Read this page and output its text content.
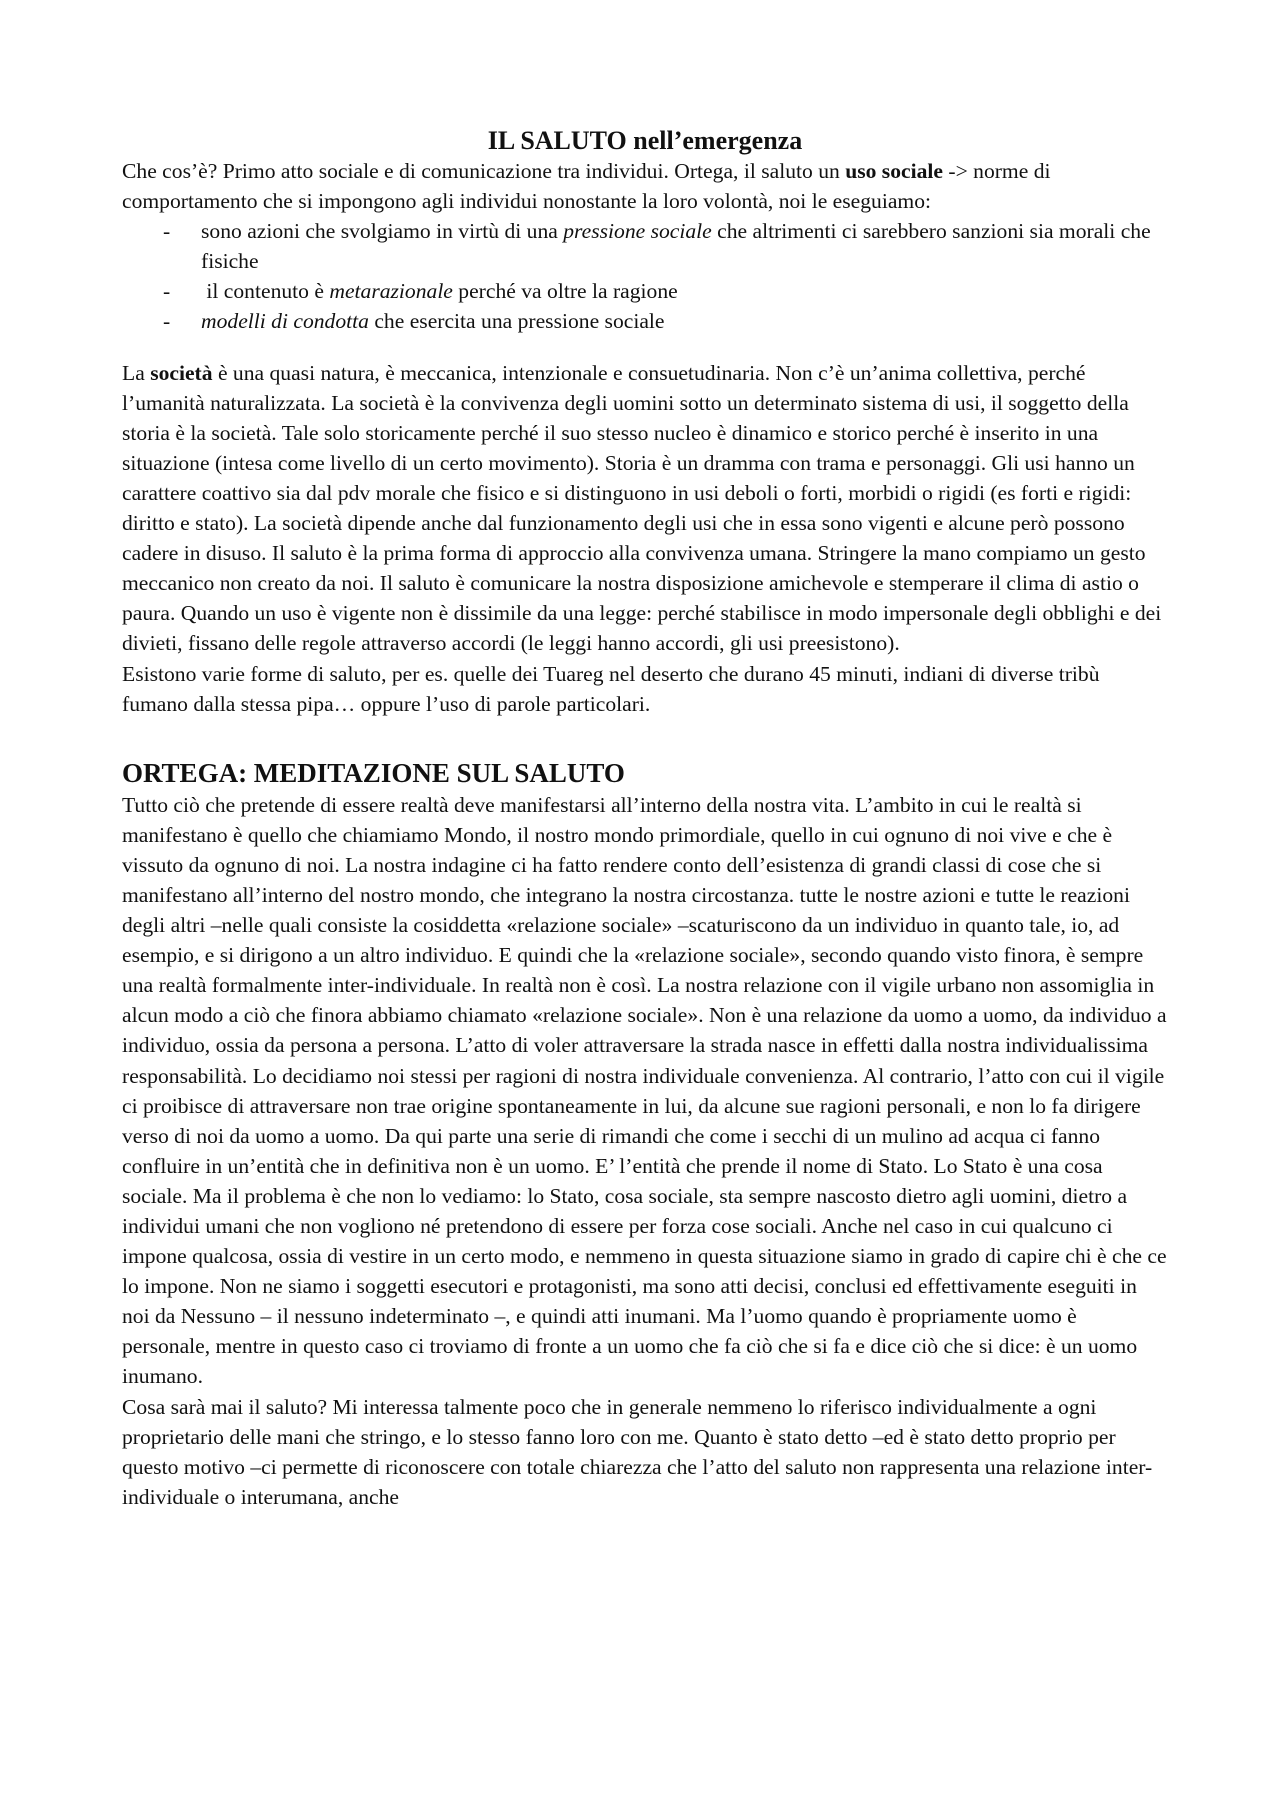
IL SALUTO nell’emergenza

Che cos’è? Primo atto sociale e di comunicazione tra individui. Ortega, il saluto un uso sociale -> norme di comportamento che si impongono agli individui nonostante la loro volontà, noi le eseguiamo:

- sono azioni che svolgiamo in virtù di una pressione sociale che altrimenti ci sarebbero sanzioni sia morali che fisiche
- il contenuto è metarazionale perché va oltre la ragione
- modelli di condotta che esercita una pressione sociale

La società è una quasi natura, è meccanica, intenzionale e consuetudinaria. Non c’è un’anima collettiva, perché l’umanità naturalizzata. La società è la convivenza degli uomini sotto un determinato sistema di usi, il soggetto della storia è la società. Tale solo storicamente perché il suo stesso nucleo è dinamico e storico perché è inserito in una situazione (intesa come livello di un certo movimento). Storia è un dramma con trama e personaggi. Gli usi hanno un carattere coattivo sia dal pdv morale che fisico e si distinguono in usi deboli o forti, morbidi o rigidi (es forti e rigidi: diritto e stato). La società dipende anche dal funzionamento degli usi che in essa sono vigenti e alcune però possono cadere in disuso. Il saluto è la prima forma di approccio alla convivenza umana. Stringere la mano compiamo un gesto meccanico non creato da noi. Il saluto è comunicare la nostra disposizione amichevole e stemperare il clima di astio o paura. Quando un uso è vigente non è dissimile da una legge: perché stabilisce in modo impersonale degli obblighi e dei divieti, fissano delle regole attraverso accordi (le leggi hanno accordi, gli usi preesistono).

Esistono varie forme di saluto, per es. quelle dei Tuareg nel deserto che durano 45 minuti, indiani di diverse tribù fumano dalla stessa pipa… oppure l’uso di parole particolari.

ORTEGA: MEDITAZIONE SUL SALUTO

Tutto ciò che pretende di essere realtà deve manifestarsi all’interno della nostra vita. L’ambito in cui le realtà si manifestano è quello che chiamiamo Mondo, il nostro mondo primordiale, quello in cui ognuno di noi vive e che è vissuto da ognuno di noi. La nostra indagine ci ha fatto rendere conto dell’esistenza di grandi classi di cose che si manifestano all’interno del nostro mondo, che integrano la nostra circostanza. tutte le nostre azioni e tutte le reazioni degli altri –nelle quali consiste la cosiddetta «relazione sociale» –scaturiscono da un individuo in quanto tale, io, ad esempio, e si dirigono a un altro individuo. E quindi che la «relazione sociale», secondo quando visto finora, è sempre una realtà formalmente inter-individuale. In realtà non è così. La nostra relazione con il vigile urbano non assomiglia in alcun modo a ciò che finora abbiamo chiamato «relazione sociale». Non è una relazione da uomo a uomo, da individuo a individuo, ossia da persona a persona. L’atto di voler attraversare la strada nasce in effetti dalla nostra individualissima responsabilità. Lo decidiamo noi stessi per ragioni di nostra individuale convenienza. Al contrario, l’atto con cui il vigile ci proibisce di attraversare non trae origine spontaneamente in lui, da alcune sue ragioni personali, e non lo fa dirigere verso di noi da uomo a uomo. Da qui parte una serie di rimandi che come i secchi di un mulino ad acqua ci fanno confluire in un’entità che in definitiva non è un uomo. E’ l’entità che prende il nome di Stato. Lo Stato è una cosa sociale. Ma il problema è che non lo vediamo: lo Stato, cosa sociale, sta sempre nascosto dietro agli uomini, dietro a individui umani che non vogliono né pretendono di essere per forza cose sociali. Anche nel caso in cui qualcuno ci impone qualcosa, ossia di vestire in un certo modo, e nemmeno in questa situazione siamo in grado di capire chi è che ce lo impone. Non ne siamo i soggetti esecutori e protagonisti, ma sono atti decisi, conclusi ed effettivamente eseguiti in noi da Nessuno – il nessuno indeterminato –, e quindi atti inumani. Ma l’uomo quando è propriamente uomo è personale, mentre in questo caso ci troviamo di fronte a un uomo che fa ciò che si fa e dice ciò che si dice: è un uomo inumano.

Cosa sarà mai il saluto? Mi interessa talmente poco che in generale nemmeno lo riferisco individualmente a ogni proprietario delle mani che stringo, e lo stesso fanno loro con me. Quanto è stato detto –ed è stato detto proprio per questo motivo –ci permette di riconoscere con totale chiarezza che l’atto del saluto non rappresenta una relazione inter-individuale o interumana, anche
